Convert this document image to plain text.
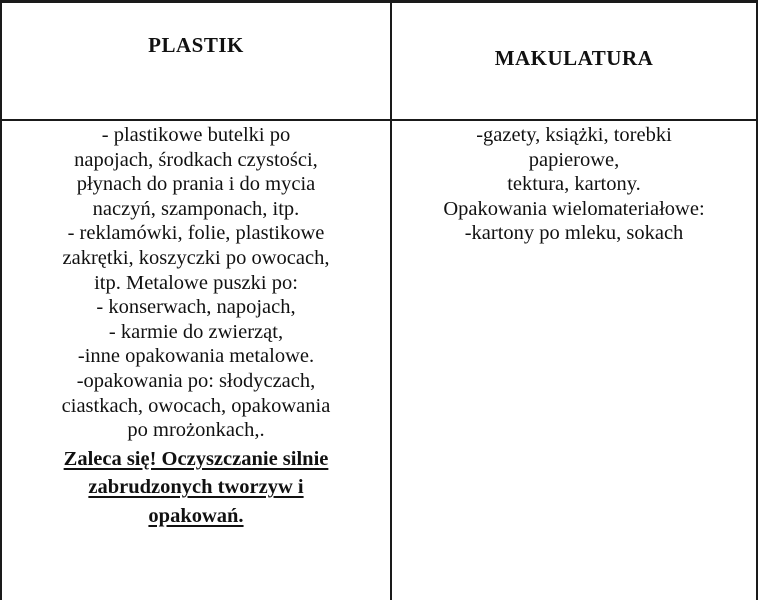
PLASTIK
MAKULATURA
- plastikowe butelki po
napojach, środkach czystości,
płynach do prania i do mycia
naczyń, szamponach, itp.
- reklamówki, folie, plastikowe
zakrętki, koszyczki po owocach,
itp. Metalowe puszki po:
- konserwach, napojach,
- karmie do zwierząt,
-inne opakowania metalowe.
-opakowania po: słodyczach,
ciastkach, owocach, opakowania
po mrożonkach,.
Zaleca się! Oczyszczanie silnie
zabrudzonych tworzyw i
opakowań.
-gazety, książki, torebki
papierowe,
tektura, kartony.
Opakowania wielomateriałowe:
-kartony po mleku, sokach
